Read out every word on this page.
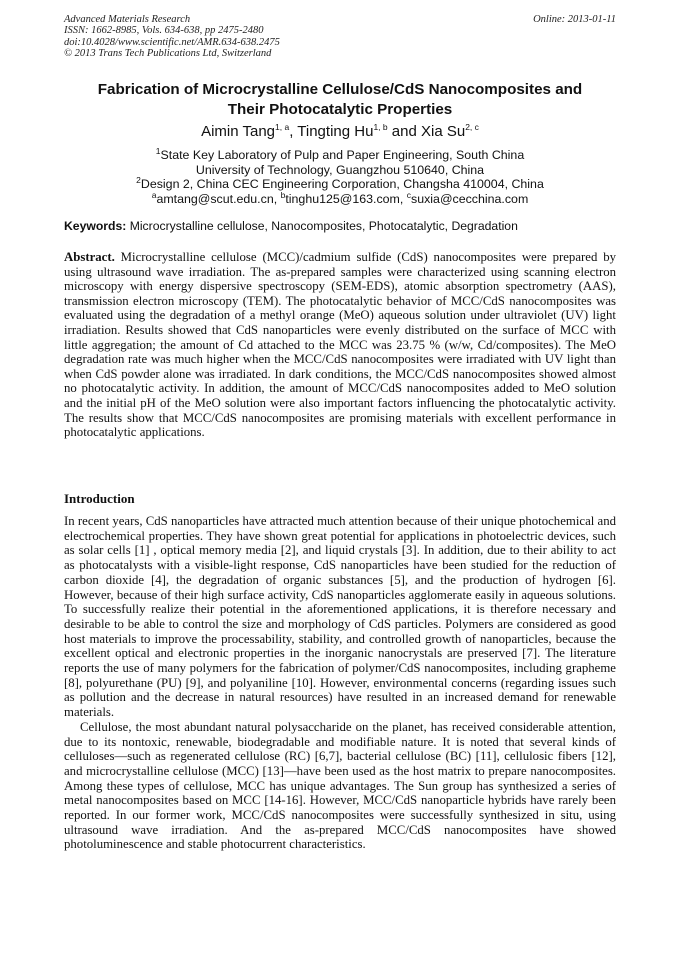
Advanced Materials Research
ISSN: 1662-8985, Vols. 634-638, pp 2475-2480
doi:10.4028/www.scientific.net/AMR.634-638.2475
© 2013 Trans Tech Publications Ltd, Switzerland
Online: 2013-01-11
Fabrication of Microcrystalline Cellulose/CdS Nanocomposites and
Their Photocatalytic Properties
Aimin Tang$^{1, a}$, Tingting Hu$^{1, b}$ and Xia Su$^{2, c}$
$^1$State Key Laboratory of Pulp and Paper Engineering, South China
University of Technology, Guangzhou 510640, China
$^2$Design 2, China CEC Engineering Corporation, Changsha 410004, China
$^a$amtang@scut.edu.cn, $^b$tinghu125@163.com, $^c$suxia@cecchina.com
Keywords: Microcrystalline cellulose, Nanocomposites, Photocatalytic, Degradation
Abstract. Microcrystalline cellulose (MCC)/cadmium sulfide (CdS) nanocomposites were prepared by using ultrasound wave irradiation. The as-prepared samples were characterized using scanning electron microscopy with energy dispersive spectroscopy (SEM-EDS), atomic absorption spectrometry (AAS), transmission electron microscopy (TEM). The photocatalytic behavior of MCC/CdS nanocomposites was evaluated using the degradation of a methyl orange (MeO) aqueous solution under ultraviolet (UV) light irradiation. Results showed that CdS nanoparticles were evenly distributed on the surface of MCC with little aggregation; the amount of Cd attached to the MCC was 23.75 % (w/w, Cd/composites). The MeO degradation rate was much higher when the MCC/CdS nanocomposites were irradiated with UV light than when CdS powder alone was irradiated. In dark conditions, the MCC/CdS nanocomposites showed almost no photocatalytic activity. In addition, the amount of MCC/CdS nanocomposites added to MeO solution and the initial pH of the MeO solution were also important factors influencing the photocatalytic activity. The results show that MCC/CdS nanocomposites are promising materials with excellent performance in photocatalytic applications.
Introduction

In recent years, CdS nanoparticles have attracted much attention because of their unique photochemical and electrochemical properties. They have shown great potential for applications in photoelectric devices, such as solar cells [1] , optical memory media [2], and liquid crystals [3]. In addition, due to their ability to act as photocatalysts with a visible-light response, CdS nanoparticles have been studied for the reduction of carbon dioxide [4], the degradation of organic substances [5], and the production of hydrogen [6]. However, because of their high surface activity, CdS nanoparticles agglomerate easily in aqueous solutions. To successfully realize their potential in the aforementioned applications, it is therefore necessary and desirable to be able to control the size and morphology of CdS particles. Polymers are considered as good host materials to improve the processability, stability, and controlled growth of nanoparticles, because the excellent optical and electronic properties in the inorganic nanocrystals are preserved [7]. The literature reports the use of many polymers for the fabrication of polymer/CdS nanocomposites, including grapheme [8], polyurethane (PU) [9], and polyaniline [10]. However, environmental concerns (regarding issues such as pollution and the decrease in natural resources) have resulted in an increased demand for renewable materials.

Cellulose, the most abundant natural polysaccharide on the planet, has received considerable attention, due to its nontoxic, renewable, biodegradable and modifiable nature. It is noted that several kinds of celluloses—such as regenerated cellulose (RC) [6,7], bacterial cellulose (BC) [11], cellulosic fibers [12], and microcrystalline cellulose (MCC) [13]—have been used as the host matrix to prepare nanocomposites. Among these types of cellulose, MCC has unique advantages. The Sun group has synthesized a series of metal nanocomposites based on MCC [14-16]. However, MCC/CdS nanoparticle hybrids have rarely been reported. In our former work, MCC/CdS nanocomposites were successfully synthesized in situ, using ultrasound wave irradiation. And the as-prepared MCC/CdS nanocomposites have showed photoluminescence and stable photocurrent characteristics.
